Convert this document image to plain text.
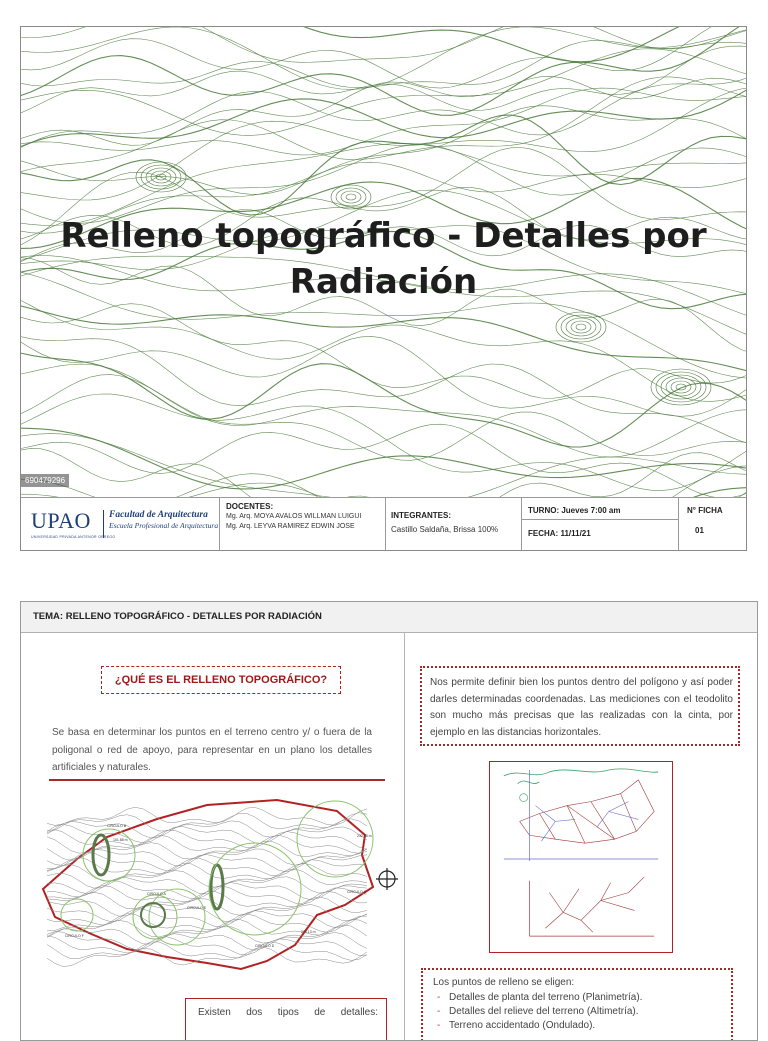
Relleno topográfico - Detalles por Radiación
690479296
UPAO
UNIVERSIDAD PRIVADA ANTENOR ORREGO
Facultad de Arquitectura
Escuela Profesional de Arquitectura
DOCENTES:
Mg. Arq. MOYA AVALOS WILLMAN LUIGUI
Mg. Arq. LEYVA RAMIREZ EDWIN JOSE
INTEGRANTES:
Castillo Saldaña, Brissa 100%
TURNO: Jueves 7:00 am
FECHA: 11/11/21
N° FICHA
01
TEMA: RELLENO TOPOGRÁFICO - DETALLES POR RADIACIÓN
¿QUÉ ES EL RELLENO TOPOGRÁFICO?
Se basa en determinar los puntos en el terreno centro y/ o fuera de la poligonal o red de apoyo, para representar en un plano los detalles artificiales y naturales.
CIRCULO B
CIRCULO C
CIRCULO D
CIRCULO A
CIRCULO E
CIRCULO F
101.88 m
232.98 m
206.13 m
Existen dos tipos de detalles:
Nos permite definir bien los puntos dentro del polígono y así poder darles determinadas coordenadas. Las mediciones con el teodolito son mucho más precisas que las realizadas con la cinta, por ejemplo en las distancias horizontales.
Los puntos de relleno se eligen:
- Detalles de planta del terreno (Planimetría).
- Detalles del relieve del terreno (Altimetría).
- Terreno accidentado (Ondulado).
